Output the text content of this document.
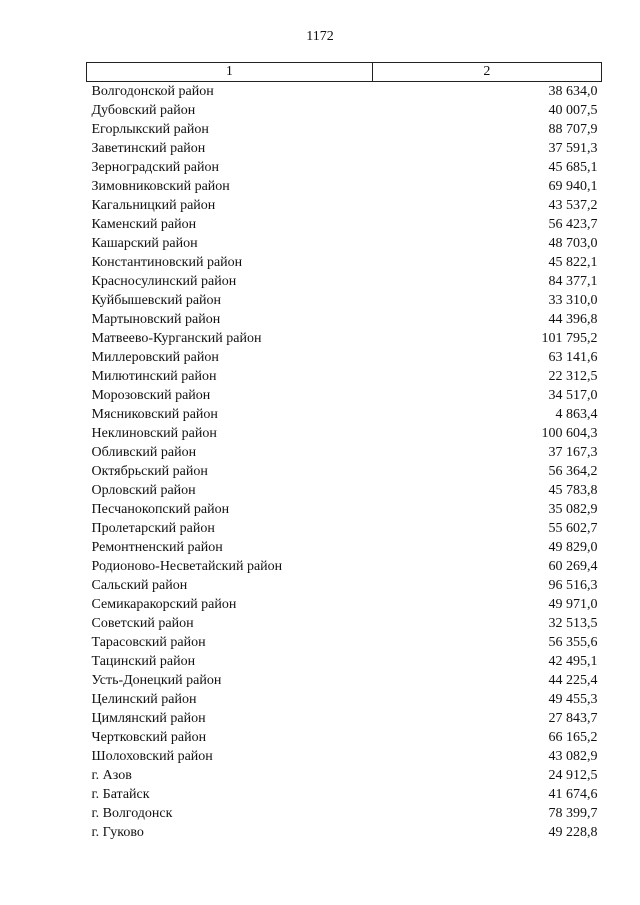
1172
1	2
Волгодонской район	38 634,0
Дубовский район	40 007,5
Егорлыкский район	88 707,9
Заветинский район	37 591,3
Зерноградский район	45 685,1
Зимовниковский район	69 940,1
Кагальницкий район	43 537,2
Каменский район	56 423,7
Кашарский район	48 703,0
Константиновский район	45 822,1
Красносулинский район	84 377,1
Куйбышевский район	33 310,0
Мартыновский район	44 396,8
Матвеево-Курганский район	101 795,2
Миллеровский район	63 141,6
Милютинский район	22 312,5
Морозовский район	34 517,0
Мясниковский район	4 863,4
Неклиновский район	100 604,3
Обливский район	37 167,3
Октябрьский район	56 364,2
Орловский район	45 783,8
Песчанокопский район	35 082,9
Пролетарский район	55 602,7
Ремонтненский район	49 829,0
Родионово-Несветайский район	60 269,4
Сальский район	96 516,3
Семикаракорский район	49 971,0
Советский район	32 513,5
Тарасовский район	56 355,6
Тацинский район	42 495,1
Усть-Донецкий район	44 225,4
Целинский район	49 455,3
Цимлянский район	27 843,7
Чертковский район	66 165,2
Шолоховский район	43 082,9
г. Азов	24 912,5
г. Батайск	41 674,6
г. Волгодонск	78 399,7
г. Гуково	49 228,8
